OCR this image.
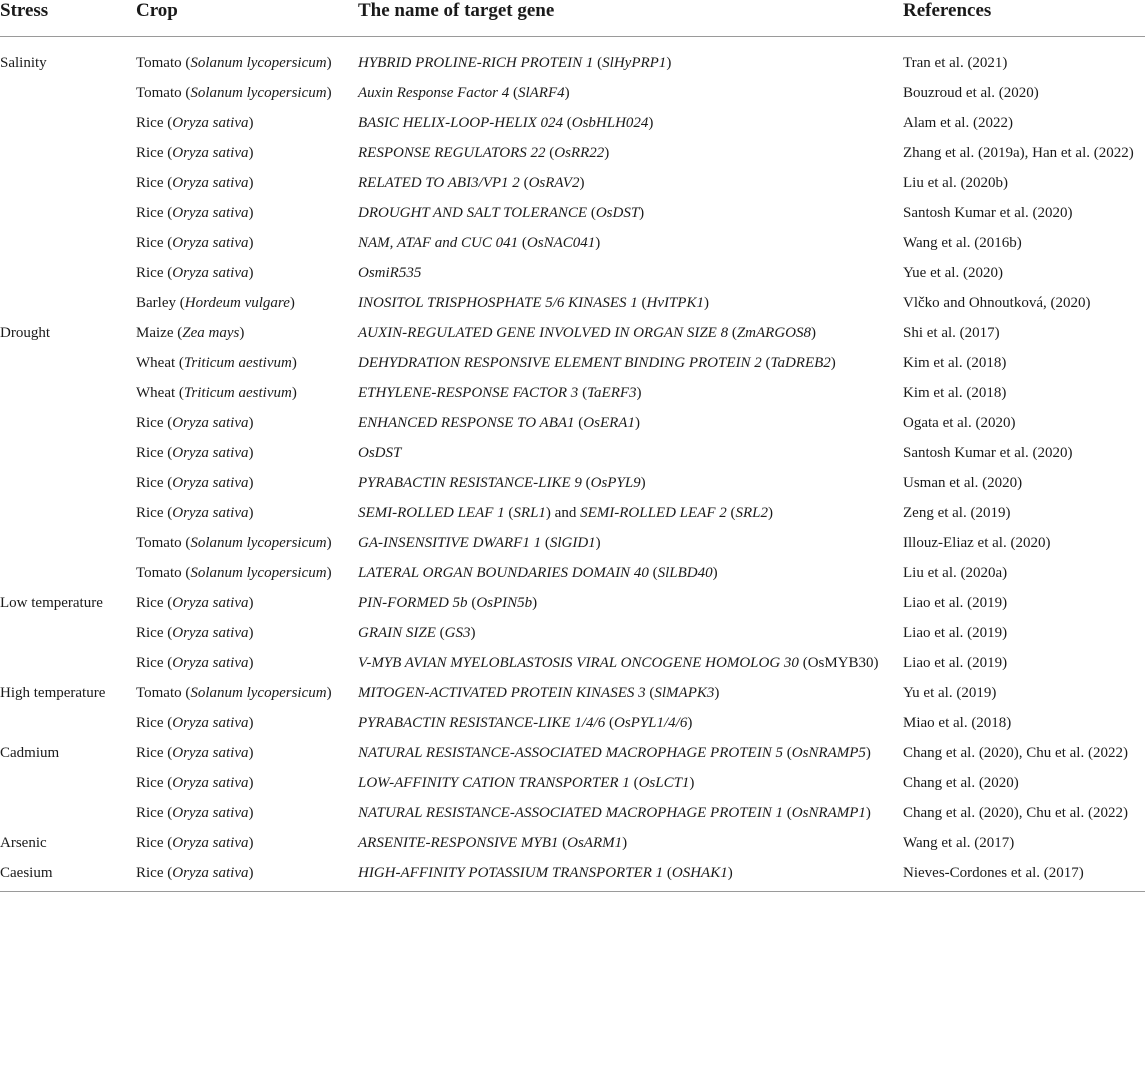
Stress	Crop	The name of target gene	References
Salinity	Tomato (Solanum lycopersicum)	HYBRID PROLINE-RICH PROTEIN 1 (SlHyPRP1)	Tran et al. (2021)
	Tomato (Solanum lycopersicum)	Auxin Response Factor 4 (SlARF4)	Bouzroud et al. (2020)
	Rice (Oryza sativa)	BASIC HELIX-LOOP-HELIX 024 (OsbHLH024)	Alam et al. (2022)
	Rice (Oryza sativa)	RESPONSE REGULATORS 22 (OsRR22)	Zhang et al. (2019a), Han et al. (2022)
	Rice (Oryza sativa)	RELATED TO ABI3/VP1 2 (OsRAV2)	Liu et al. (2020b)
	Rice (Oryza sativa)	DROUGHT AND SALT TOLERANCE (OsDST)	Santosh Kumar et al. (2020)
	Rice (Oryza sativa)	NAM, ATAF and CUC 041 (OsNAC041)	Wang et al. (2016b)
	Rice (Oryza sativa)	OsmiR535	Yue et al. (2020)
	Barley (Hordeum vulgare)	INOSITOL TRISPHOSPHATE 5/6 KINASES 1 (HvITPK1)	Vlčko and Ohnoutková, (2020)
Drought	Maize (Zea mays)	AUXIN-REGULATED GENE INVOLVED IN ORGAN SIZE 8 (ZmARGOS8)	Shi et al. (2017)
	Wheat (Triticum aestivum)	DEHYDRATION RESPONSIVE ELEMENT BINDING PROTEIN 2 (TaDREB2)	Kim et al. (2018)
	Wheat (Triticum aestivum)	ETHYLENE-RESPONSE FACTOR 3 (TaERF3)	Kim et al. (2018)
	Rice (Oryza sativa)	ENHANCED RESPONSE TO ABA1 (OsERA1)	Ogata et al. (2020)
	Rice (Oryza sativa)	OsDST	Santosh Kumar et al. (2020)
	Rice (Oryza sativa)	PYRABACTIN RESISTANCE-LIKE 9 (OsPYL9)	Usman et al. (2020)
	Rice (Oryza sativa)	SEMI-ROLLED LEAF 1 (SRL1) and SEMI-ROLLED LEAF 2 (SRL2)	Zeng et al. (2019)
	Tomato (Solanum lycopersicum)	GA-INSENSITIVE DWARF1 1 (SlGID1)	Illouz-Eliaz et al. (2020)
	Tomato (Solanum lycopersicum)	LATERAL ORGAN BOUNDARIES DOMAIN 40 (SlLBD40)	Liu et al. (2020a)
Low temperature	Rice (Oryza sativa)	PIN-FORMED 5b (OsPIN5b)	Liao et al. (2019)
	Rice (Oryza sativa)	GRAIN SIZE (GS3)	Liao et al. (2019)
	Rice (Oryza sativa)	V-MYB AVIAN MYELOBLASTOSIS VIRAL ONCOGENE HOMOLOG 30 (OsMYB30)	Liao et al. (2019)
High temperature	Tomato (Solanum lycopersicum)	MITOGEN-ACTIVATED PROTEIN KINASES 3 (SlMAPK3)	Yu et al. (2019)
	Rice (Oryza sativa)	PYRABACTIN RESISTANCE-LIKE 1/4/6 (OsPYL1/4/6)	Miao et al. (2018)
Cadmium	Rice (Oryza sativa)	NATURAL RESISTANCE-ASSOCIATED MACROPHAGE PROTEIN 5 (OsNRAMP5)	Chang et al. (2020), Chu et al. (2022)
	Rice (Oryza sativa)	LOW-AFFINITY CATION TRANSPORTER 1 (OsLCT1)	Chang et al. (2020)
	Rice (Oryza sativa)	NATURAL RESISTANCE-ASSOCIATED MACROPHAGE PROTEIN 1 (OsNRAMP1)	Chang et al. (2020), Chu et al. (2022)
Arsenic	Rice (Oryza sativa)	ARSENITE-RESPONSIVE MYB1 (OsARM1)	Wang et al. (2017)
Caesium	Rice (Oryza sativa)	HIGH-AFFINITY POTASSIUM TRANSPORTER 1 (OSHAK1)	Nieves-Cordones et al. (2017)
